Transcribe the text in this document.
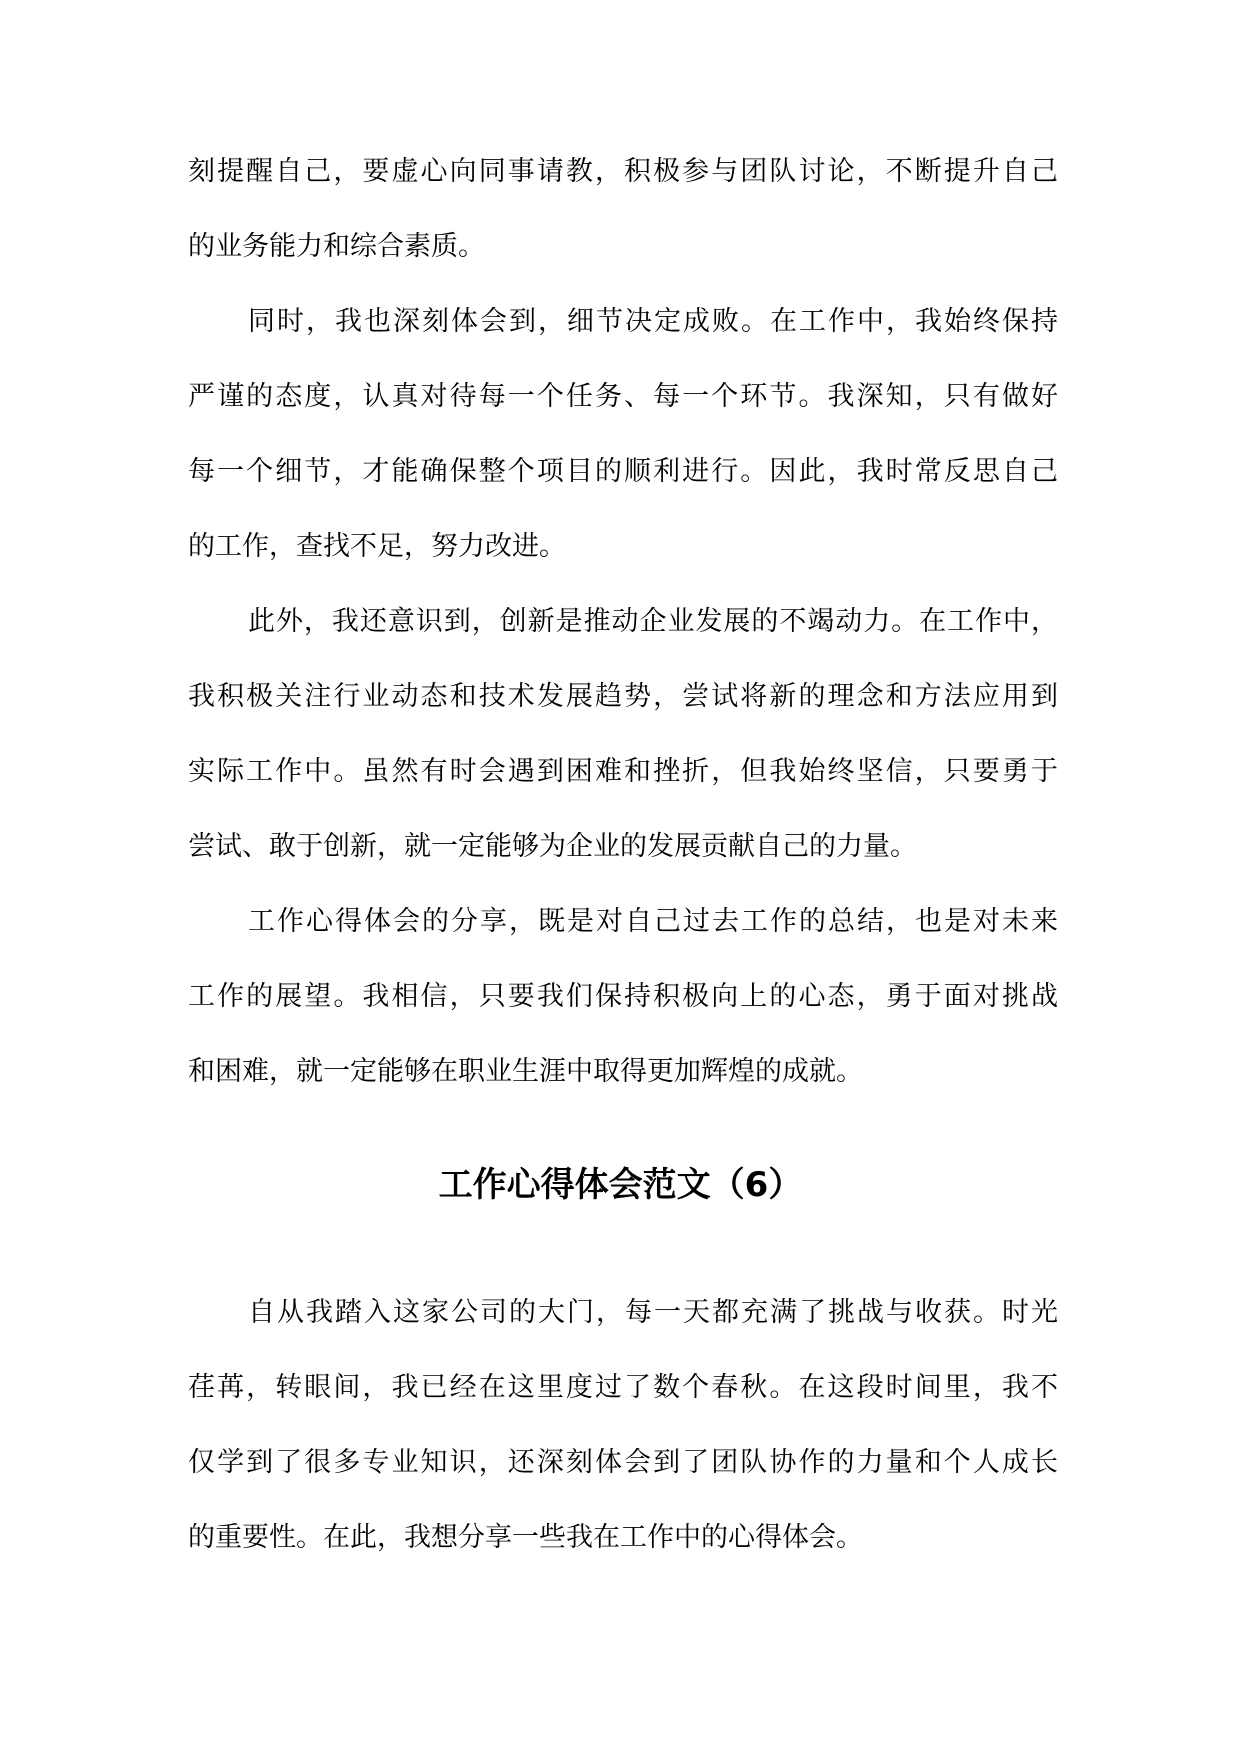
刻提醒自己，要虚心向同事请教，积极参与团队讨论，不断提升自己

的业务能力和综合素质。

同时，我也深刻体会到，细节决定成败。在工作中，我始终保持

严谨的态度，认真对待每一个任务、每一个环节。我深知，只有做好

每一个细节，才能确保整个项目的顺利进行。因此，我时常反思自己

的工作，查找不足，努力改进。

此外，我还意识到，创新是推动企业发展的不竭动力。在工作中，

我积极关注行业动态和技术发展趋势，尝试将新的理念和方法应用到

实际工作中。虽然有时会遇到困难和挫折，但我始终坚信，只要勇于

尝试、敢于创新，就一定能够为企业的发展贡献自己的力量。

工作心得体会的分享，既是对自己过去工作的总结，也是对未来

工作的展望。我相信，只要我们保持积极向上的心态，勇于面对挑战

和困难，就一定能够在职业生涯中取得更加辉煌的成就。

工作心得体会范文（6）

自从我踏入这家公司的大门，每一天都充满了挑战与收获。时光

荏苒，转眼间，我已经在这里度过了数个春秋。在这段时间里，我不

仅学到了很多专业知识，还深刻体会到了团队协作的力量和个人成长

的重要性。在此，我想分享一些我在工作中的心得体会。
